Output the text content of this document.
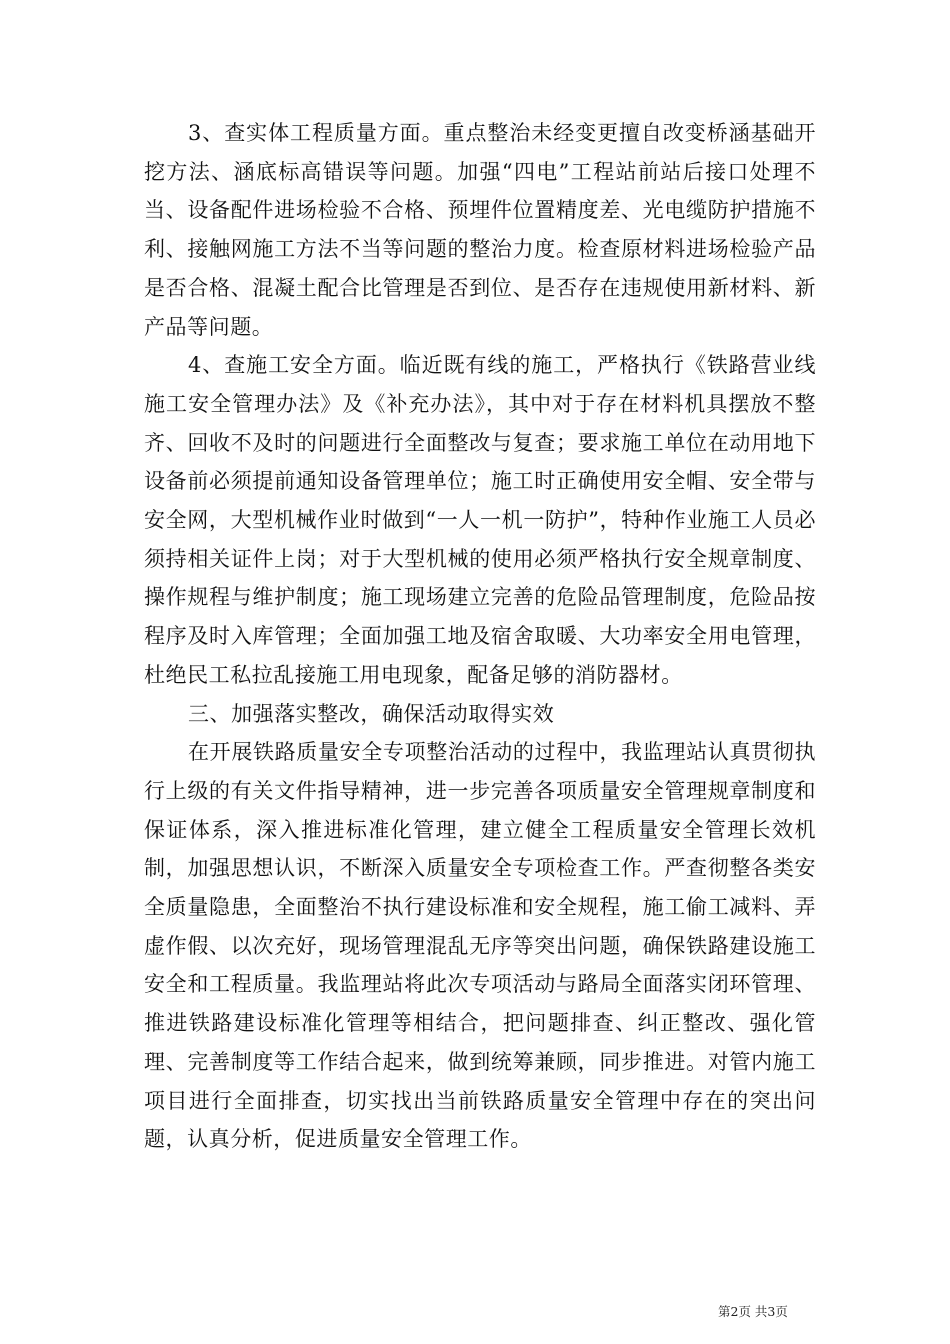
3、查实体工程质量方面。重点整治未经变更擅自改变桥涵基础开挖方法、涵底标高错误等问题。加强“四电”工程站前站后接口处理不当、设备配件进场检验不合格、预埋件位置精度差、光电缆防护措施不利、接触网施工方法不当等问题的整治力度。检查原材料进场检验产品是否合格、混凝土配合比管理是否到位、是否存在违规使用新材料、新产品等问题。

4、查施工安全方面。临近既有线的施工，严格执行《铁路营业线施工安全管理办法》及《补充办法》，其中对于存在材料机具摆放不整齐、回收不及时的问题进行全面整改与复查；要求施工单位在动用地下设备前必须提前通知设备管理单位；施工时正确使用安全帽、安全带与安全网，大型机械作业时做到“一人一机一防护”，特种作业施工人员必须持相关证件上岗；对于大型机械的使用必须严格执行安全规章制度、操作规程与维护制度；施工现场建立完善的危险品管理制度，危险品按程序及时入库管理；全面加强工地及宿舍取暖、大功率安全用电管理，杜绝民工私拉乱接施工用电现象，配备足够的消防器材。

三、加强落实整改，确保活动取得实效

在开展铁路质量安全专项整治活动的过程中，我监理站认真贯彻执行上级的有关文件指导精神，进一步完善各项质量安全管理规章制度和保证体系，深入推进标准化管理，建立健全工程质量安全管理长效机制，加强思想认识，不断深入质量安全专项检查工作。严查彻整各类安全质量隐患，全面整治不执行建设标准和安全规程，施工偷工减料、弄虚作假、以次充好，现场管理混乱无序等突出问题，确保铁路建设施工安全和工程质量。我监理站将此次专项活动与路局全面落实闭环管理、推进铁路建设标准化管理等相结合，把问题排查、纠正整改、强化管理、完善制度等工作结合起来，做到统筹兼顾，同步推进。对管内施工项目进行全面排查，切实找出当前铁路质量安全管理中存在的突出问题，认真分析，促进质量安全管理工作。

第2页 共3页
